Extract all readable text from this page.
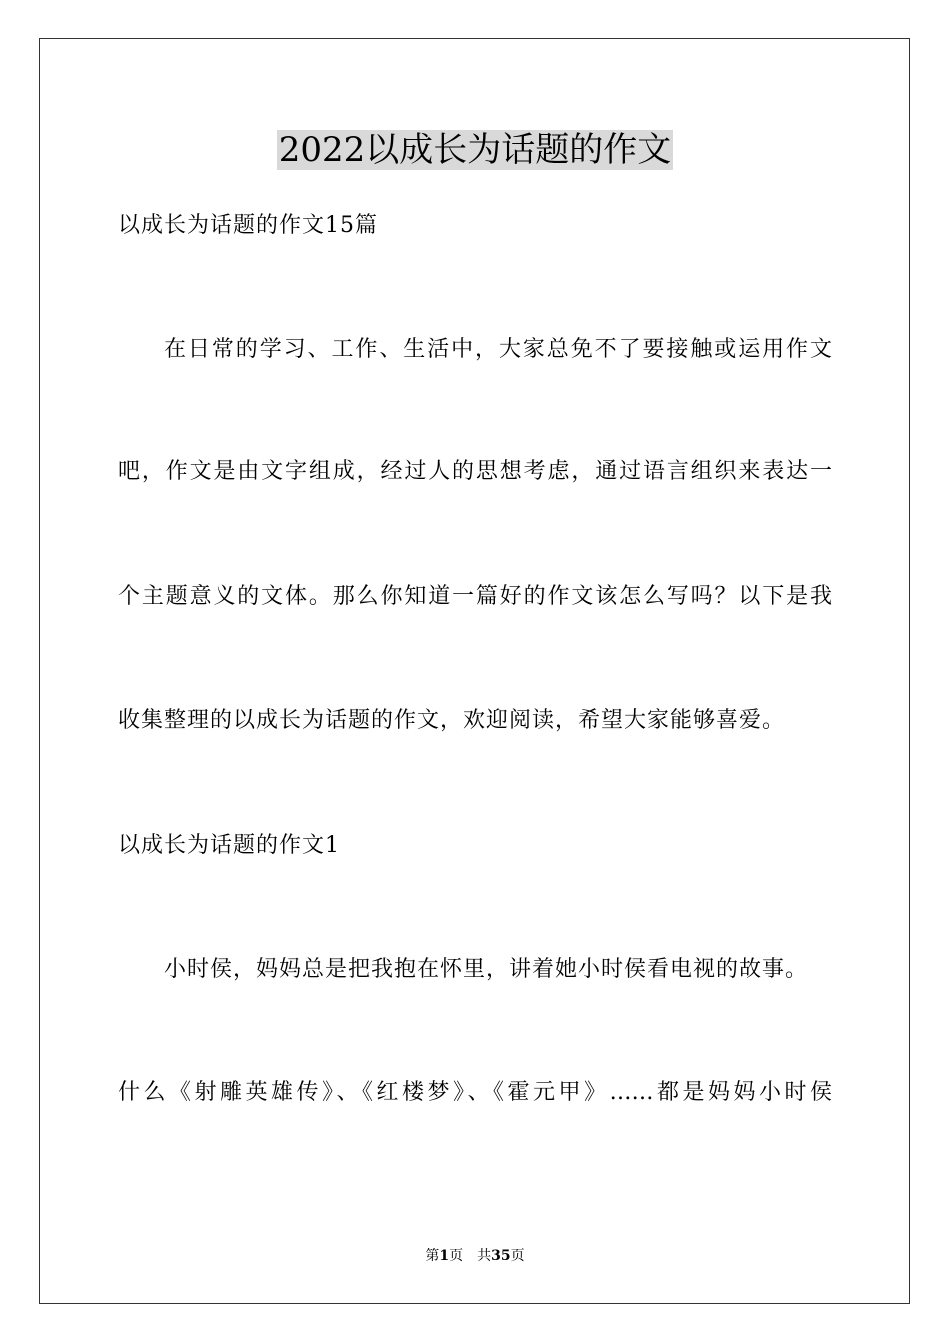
2022以成长为话题的作文
以成长为话题的作文15篇
在日常的学习、工作、生活中，大家总免不了要接触或运用作文
吧，作文是由文字组成，经过人的思想考虑，通过语言组织来表达一
个主题意义的文体。那么你知道一篇好的作文该怎么写吗？以下是我
收集整理的以成长为话题的作文，欢迎阅读，希望大家能够喜爱。
以成长为话题的作文1
小时侯，妈妈总是把我抱在怀里，讲着她小时侯看电视的故事。
什么《射雕英雄传》、《红楼梦》、《霍元甲》……都是妈妈小时侯
第1页 共35页
